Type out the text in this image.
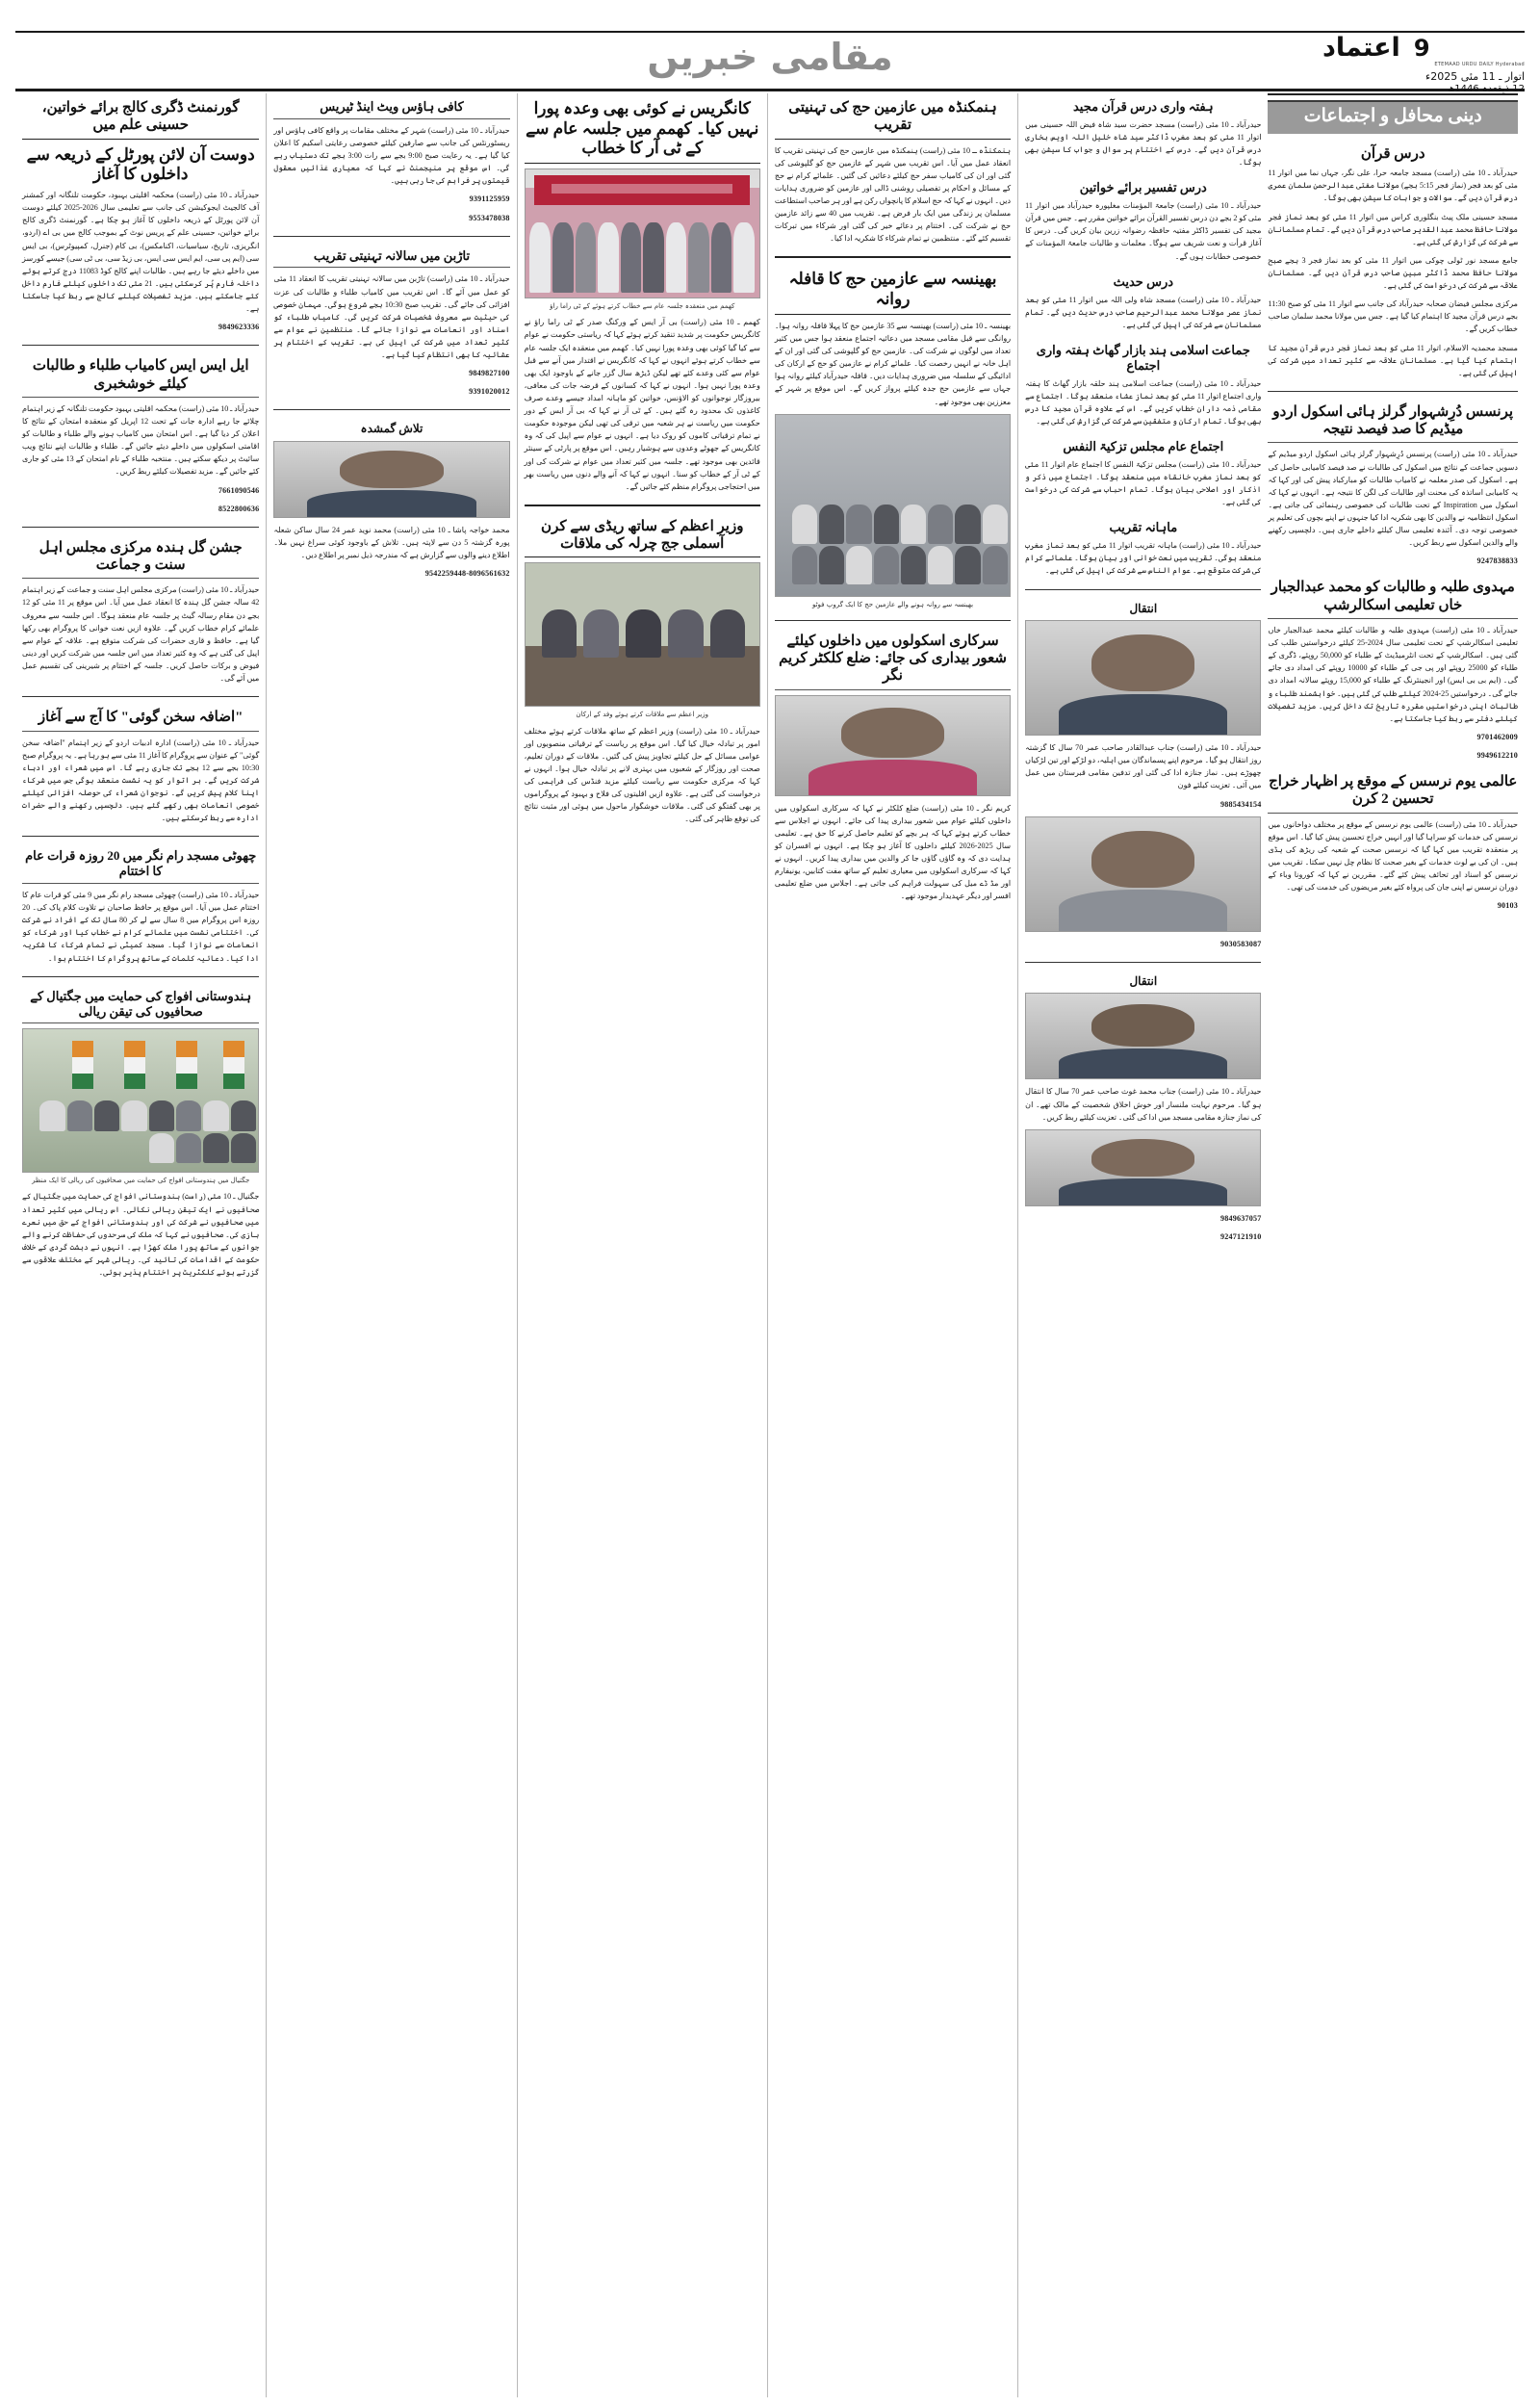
اعتماد 9
ETEMAAD URDU DAILY Hyderabad
اتوار ـ 11 مئی 2025ء
12 ذیقعدہ 1446ھ
مقامی خبریں
دینی محافل و اجتماعات
درس قرآن

حیدرآباد ـ 10 مئی (راست) مسجد جامعہ حرا، علی نگر، جہاں نما میں اتوار 11 مئی کو بعد فجر (نماز فجر 5:15 بجے) مولانا مفتی عبدالرحمن سلمان عمری درس قرآن دیں گے۔ سوالات و جوابات کا سیشن بھی ہوگا۔

مسجد حسینی ملک پیٹ بنگلوری کراس میں اتوار 11 مئی کو بعد نماز فجر مولانا حافظ محمد عبدالقدیر صاحب درس قرآن دیں گے۔ تمام مسلمانان سے شرکت کی گزارش کی گئی ہے۔

جامع مسجد نور ٹولی چوکی میں اتوار 11 مئی کو بعد نماز فجر 3 بجے صبح مولانا حافظ محمد ڈاکٹر مبین صاحب درس قرآن دیں گے۔ مسلمانان علاقہ سے شرکت کی درخواست کی گئی ہے۔

مرکزی مجلس فیضان صحابہ حیدرآباد کی جانب سے اتوار 11 مئی کو صبح 11:30 بجے درس قرآن مجید کا اہتمام کیا گیا ہے۔ جس میں مولانا محمد سلمان صاحب خطاب کریں گے۔

مسجد محمدیہ الاسلام، اتوار 11 مئی کو بعد نماز فجر درس قرآن مجید کا اہتمام کیا گیا ہے۔ مسلمانان علاقہ سے کثیر تعداد میں شرکت کی اپیل کی گئی ہے۔

پرنسس دُرِشہوار گرلز ہائی اسکول اردو میڈیم کا صد فیصد نتیجہ

حیدرآباد ـ 10 مئی (راست) پرنسس دُرِشہوار گرلز ہائی اسکول اردو میڈیم کے دسویں جماعت کے نتائج میں اسکول کی طالبات نے صد فیصد کامیابی حاصل کی ہے۔ اسکول کی صدر معلمہ نے کامیاب طالبات کو مبارکباد پیش کی اور کہا کہ یہ کامیابی اساتذہ کی محنت اور طالبات کی لگن کا نتیجہ ہے۔ انہوں نے کہا کہ اسکول میں Inspiration کے تحت طالبات کی خصوصی رہنمائی کی جاتی ہے۔ اسکول انتظامیہ نے والدین کا بھی شکریہ ادا کیا جنہوں نے اپنے بچوں کی تعلیم پر خصوصی توجہ دی۔ آئندہ تعلیمی سال کیلئے داخلے جاری ہیں۔ دلچسپی رکھنے والے والدین اسکول سے ربط کریں۔

9247838833

مہدوی طلبہ و طالبات کو محمد عبدالجبار خاں تعلیمی اسکالرشپ

حیدرآباد ـ 10 مئی (راست) مہدوی طلبہ و طالبات کیلئے محمد عبدالجبار خاں تعلیمی اسکالرشپ کے تحت تعلیمی سال 2024-25 کیلئے درخواستیں طلب کی گئی ہیں۔ اسکالرشپ کے تحت انٹرمیڈیٹ کے طلباء کو 50,000 روپئے، ڈگری کے طلباء کو 25000 روپئے اور پی جی کے طلباء کو 10000 روپئے کی امداد دی جائے گی۔ (ایم بی بی ایس) اور انجینئرنگ کے طلباء کو 15,000 روپئے سالانہ امداد دی جائے گی۔ درخواستیں 25-2024 کیلئے طلب کی گئی ہیں۔ خواہشمند طلباء و طالبات اپنی درخواستیں مقررہ تاریخ تک داخل کریں۔ مزید تفصیلات کیلئے دفتر سے ربط کیا جاسکتا ہے۔

9701462009

9949612210

عالمی یوم نرسس کے موقع پر اظہار خراج تحسین 2 کرن

حیدرآباد ـ 10 مئی (راست) عالمی یوم نرسس کے موقع پر مختلف دواخانوں میں نرسس کی خدمات کو سراہا گیا اور انہیں خراج تحسین پیش کیا گیا۔ اس موقع پر منعقدہ تقریب میں کہا گیا کہ نرسس صحت کے شعبہ کی ریڑھ کی ہڈی ہیں۔ ان کی بے لوث خدمات کے بغیر صحت کا نظام چل نہیں سکتا۔ تقریب میں نرسس کو اسناد اور تحائف پیش کئے گئے۔ مقررین نے کہا کہ کورونا وباء کے دوران نرسس نے اپنی جان کی پرواہ کئے بغیر مریضوں کی خدمت کی تھی۔

90103

ہفتہ واری درس قرآن مجید

حیدرآباد ـ 10 مئی (راست) مسجد حضرت سید شاہ فیض اللہ حسینی میں اتوار 11 مئی کو بعد مغرب ڈاکٹر سید شاہ خلیل اللہ اویس بخاری درس قرآن دیں گے۔ درس کے اختتام پر سوال و جواب کا سیشن بھی ہوگا۔

درس تفسیر برائے خواتین

حیدرآباد ـ 10 مئی (راست) جامعۃ المؤمنات مغلپورہ حیدرآباد میں اتوار 11 مئی کو 2 بجے دن درس تفسیر القرآن برائے خواتین مقرر ہے۔ جس میں قرآن مجید کی تفسیر ڈاکٹر مفتیہ حافظہ رضوانہ زرین بیان کریں گی۔ درس کا آغاز قرأت و نعت شریف سے ہوگا۔ معلمات و طالبات جامعۃ المؤمنات کے خصوصی خطابات ہوں گے۔

درس حدیث

حیدرآباد ـ 10 مئی (راست) مسجد شاہ ولی اللہ میں اتوار 11 مئی کو بعد نماز عصر مولانا محمد عبدالرحیم صاحب درس حدیث دیں گے۔ تمام مسلمانان سے شرکت کی اپیل کی گئی ہے۔

جماعت اسلامی ہند بازار گھاٹ ہفتہ واری اجتماع

حیدرآباد ـ 10 مئی (راست) جماعت اسلامی ہند حلقہ بازار گھاٹ کا ہفتہ واری اجتماع اتوار 11 مئی کو بعد نماز عشاء منعقد ہوگا۔ اجتماع سے مقامی ذمہ داران خطاب کریں گے۔ اس کے علاوہ قرآن مجید کا درس بھی ہوگا۔ تمام ارکان و متفقین سے شرکت کی گزارش کی گئی ہے۔

اجتماع عام مجلس تزکیۃ النفس

حیدرآباد ـ 10 مئی (راست) مجلس تزکیۃ النفس کا اجتماع عام اتوار 11 مئی کو بعد نماز مغرب خانقاہ میں منعقد ہوگا۔ اجتماع میں ذکر و اذکار اور اصلاحی بیان ہوگا۔ تمام احباب سے شرکت کی درخواست کی گئی ہے۔

ماہانہ تقریب

حیدرآباد ـ 10 مئی (راست) ماہانہ تقریب اتوار 11 مئی کو بعد نماز مغرب منعقد ہوگی۔ تقریب میں نعت خوانی اور بیان ہوگا۔ علمائے کرام کی شرکت متوقع ہے۔ عوام الناس سے شرکت کی اپیل کی گئی ہے۔

انتقال

حیدرآباد ـ 10 مئی (راست) جناب عبدالقادر صاحب عمر 70 سال کا گزشتہ روز انتقال ہو گیا۔ مرحوم اپنے پسماندگان میں اہلیہ، دو لڑکے اور تین لڑکیاں چھوڑے ہیں۔ نماز جنازہ ادا کی گئی اور تدفین مقامی قبرستان میں عمل میں آئی۔ تعزیت کیلئے فون

9885434154

9030583087

انتقال

حیدرآباد ـ 10 مئی (راست) جناب محمد غوث صاحب عمر 70 سال کا انتقال ہو گیا۔ مرحوم نہایت ملنسار اور خوش اخلاق شخصیت کے مالک تھے۔ ان کی نماز جنازہ مقامی مسجد میں ادا کی گئی۔ تعزیت کیلئے ربط کریں۔

9849637057

9247121910

ہنمکنڈہ میں عازمین حج کی تہنیتی تقریب

ہنمکنڈہ ـ 10 مئی (راست) ہنمکنڈہ میں عازمین حج کی تہنیتی تقریب کا انعقاد عمل میں آیا۔ اس تقریب میں شہر کے عازمین حج کو گلپوشی کی گئی اور ان کی کامیاب سفر حج کیلئے دعائیں کی گئیں۔ علمائے کرام نے حج کے مسائل و احکام پر تفصیلی روشنی ڈالی اور عازمین کو ضروری ہدایات دیں۔ انہوں نے کہا کہ حج اسلام کا پانچواں رکن ہے اور ہر صاحب استطاعت مسلمان پر زندگی میں ایک بار فرض ہے۔ تقریب میں 40 سے زائد عازمین حج نے شرکت کی۔ اختتام پر دعائے خیر کی گئی اور شرکاء میں تبرکات تقسیم کئے گئے۔ منتظمین نے تمام شرکاء کا شکریہ ادا کیا۔

بھینسہ سے عازمین حج کا قافلہ روانہ

بھینسہ ـ 10 مئی (راست) بھینسہ سے 35 عازمین حج کا پہلا قافلہ روانہ ہوا۔ روانگی سے قبل مقامی مسجد میں دعائیہ اجتماع منعقد ہوا جس میں کثیر تعداد میں لوگوں نے شرکت کی۔ عازمین حج کو گلپوشی کی گئی اور ان کے اہل خانہ نے انہیں رخصت کیا۔ علمائے کرام نے عازمین کو حج کے ارکان کی ادائیگی کے سلسلہ میں ضروری ہدایات دیں۔ قافلہ حیدرآباد کیلئے روانہ ہوا جہاں سے عازمین حج جدہ کیلئے پرواز کریں گے۔ اس موقع پر شہر کے معززین بھی موجود تھے۔

بھینسہ سے روانہ ہونے والے عازمین حج کا ایک گروپ فوٹو
سرکاری اسکولوں میں داخلوں کیلئے شعور بیداری کی جائے: ضلع کلکٹر کریم نگر

کریم نگر ـ 10 مئی (راست) ضلع کلکٹر نے کہا کہ سرکاری اسکولوں میں داخلوں کیلئے عوام میں شعور بیداری پیدا کی جائے۔ انہوں نے اجلاس سے خطاب کرتے ہوئے کہا کہ ہر بچے کو تعلیم حاصل کرنے کا حق ہے۔ تعلیمی سال 2025-2026 کیلئے داخلوں کا آغاز ہو چکا ہے۔ انہوں نے افسران کو ہدایت دی کہ وہ گاؤں گاؤں جا کر والدین میں بیداری پیدا کریں۔ انہوں نے کہا کہ سرکاری اسکولوں میں معیاری تعلیم کے ساتھ مفت کتابیں، یونیفارم اور مڈ ڈے میل کی سہولت فراہم کی جاتی ہے۔ اجلاس میں ضلع تعلیمی افسر اور دیگر عہدیدار موجود تھے۔

کانگریس نے کوئی بھی وعدہ پورا نہیں کیا۔ کھمم میں جلسہ عام سے کے ٹی آر کا خطاب
کھمم میں منعقدہ جلسہ عام سے خطاب کرتے ہوئے کے ٹی راما راؤ

کھمم ـ 10 مئی (راست) بی آر ایس کے ورکنگ صدر کے ٹی راما راؤ نے کانگریس حکومت پر شدید تنقید کرتے ہوئے کہا کہ ریاستی حکومت نے عوام سے کیا گیا کوئی بھی وعدہ پورا نہیں کیا۔ کھمم میں منعقدہ ایک جلسہ عام سے خطاب کرتے ہوئے انہوں نے کہا کہ کانگریس نے اقتدار میں آنے سے قبل عوام سے کئی وعدے کئے تھے لیکن ڈیڑھ سال گزر جانے کے باوجود ایک بھی وعدہ پورا نہیں ہوا۔ انہوں نے کہا کہ کسانوں کے قرضہ جات کی معافی، بیروزگار نوجوانوں کو الاؤنس، خواتین کو ماہانہ امداد جیسے وعدے صرف کاغذوں تک محدود رہ گئے ہیں۔ کے ٹی آر نے کہا کہ بی آر ایس کے دور حکومت میں ریاست نے ہر شعبہ میں ترقی کی تھی لیکن موجودہ حکومت نے تمام ترقیاتی کاموں کو روک دیا ہے۔ انہوں نے عوام سے اپیل کی کہ وہ کانگریس کے جھوٹے وعدوں سے ہوشیار رہیں۔ اس موقع پر پارٹی کے سینئر قائدین بھی موجود تھے۔ جلسہ میں کثیر تعداد میں عوام نے شرکت کی اور کے ٹی آر کے خطاب کو سنا۔ انہوں نے کہا کہ آنے والے دنوں میں ریاست بھر میں احتجاجی پروگرام منظم کئے جائیں گے۔

وزیر اعظم کے ساتھ ریڈی سے کرن آسملی جج چرلہ کی ملاقات
وزیر اعظم سے ملاقات کرتے ہوئے وفد کے ارکان

حیدرآباد ـ 10 مئی (راست) وزیر اعظم کے ساتھ ملاقات کرتے ہوئے مختلف امور پر تبادلہ خیال کیا گیا۔ اس موقع پر ریاست کے ترقیاتی منصوبوں اور عوامی مسائل کے حل کیلئے تجاویز پیش کی گئیں۔ ملاقات کے دوران تعلیم، صحت اور روزگار کے شعبوں میں بہتری لانے پر تبادلہ خیال ہوا۔ انہوں نے کہا کہ مرکزی حکومت سے ریاست کیلئے مزید فنڈس کی فراہمی کی درخواست کی گئی ہے۔ علاوہ ازیں اقلیتوں کی فلاح و بہبود کے پروگراموں پر بھی گفتگو کی گئی۔ ملاقات خوشگوار ماحول میں ہوئی اور مثبت نتائج کی توقع ظاہر کی گئی۔

کافی ہاؤس ویٹ اینڈ ٹیریس

حیدرآباد ـ 10 مئی (راست) شہر کے مختلف مقامات پر واقع کافی ہاؤس اور ریسٹورنٹس کی جانب سے صارفین کیلئے خصوصی رعایتی اسکیم کا اعلان کیا گیا ہے۔ یہ رعایت صبح 9:00 بجے سے رات 3:00 بجے تک دستیاب رہے گی۔ اس موقع پر منیجمنٹ نے کہا کہ معیاری غذائیں معقول قیمتوں پر فراہم کی جا رہی ہیں۔

9391125959

9553478038

تاڑبن میں سالانہ تہنیتی تقریب

حیدرآباد ـ 10 مئی (راست) تاڑبن میں سالانہ تہنیتی تقریب کا انعقاد 11 مئی کو عمل میں آئے گا۔ اس تقریب میں کامیاب طلباء و طالبات کی عزت افزائی کی جائے گی۔ تقریب صبح 10:30 بجے شروع ہوگی۔ مہمان خصوصی کی حیثیت سے معروف شخصیات شرکت کریں گی۔ کامیاب طلباء کو اسناد اور انعامات سے نوازا جائے گا۔ منتظمین نے عوام سے کثیر تعداد میں شرکت کی اپیل کی ہے۔ تقریب کے اختتام پر عشائیہ کا بھی انتظام کیا گیا ہے۔

9849827100

9391020012

تلاش گمشدہ

محمد خواجہ پاشا ـ 10 مئی (راست) محمد نوید عمر 24 سال ساکن شعلہ پورہ گزشتہ 5 دن سے لاپتہ ہیں۔ تلاش کے باوجود کوئی سراغ نہیں ملا۔ اطلاع دینے والوں سے گزارش ہے کہ مندرجہ ذیل نمبر پر اطلاع دیں۔

9542259448-8096561632

گورنمنٹ ڈگری کالج برائے خواتین، حسینی علم میں
دوست آن لائن پورٹل کے ذریعہ سے داخلوں کا آغاز

حیدرآباد ـ 10 مئی (راست) محکمہ اقلیتی بہبود، حکومت تلنگانہ اور کمشنر آف کالجیٹ ایجوکیشن کی جانب سے تعلیمی سال 2026-2025 کیلئے دوست آن لائن پورٹل کے ذریعہ داخلوں کا آغاز ہو چکا ہے۔ گورنمنٹ ڈگری کالج برائے خواتین، حسینی علم کے پریس نوٹ کے بموجب کالج میں بی اے (اردو، انگریزی، تاریخ، سیاسیات، اکنامکس)، بی کام (جنرل، کمپیوٹرس)، بی ایس سی (ایم پی سی، ایم ایس سی ایس، بی زیڈ سی، بی ٹی سی) جیسے کورسز میں داخلے دیئے جا رہے ہیں۔ طالبات اپنے کالج کوڈ 11083 درج کرتے ہوئے داخلہ فارم پُر کرسکتی ہیں۔ 21 مئی تک داخلوں کیلئے فارم داخل کئے جاسکتے ہیں۔ مزید تفصیلات کیلئے کالج سے ربط کیا جاسکتا ہے۔

9849623336

ایل ایس ایس کامیاب طلباء و طالبات کیلئے خوشخبری

حیدرآباد ـ 10 مئی (راست) محکمہ اقلیتی بہبود حکومت تلنگانہ کے زیر اہتمام چلائے جا رہے ادارہ جات کے تحت 12 اپریل کو منعقدہ امتحان کے نتائج کا اعلان کر دیا گیا ہے۔ اس امتحان میں کامیاب ہونے والے طلباء و طالبات کو اقامتی اسکولوں میں داخلے دیئے جائیں گے۔ طلباء و طالبات اپنے نتائج ویب سائیٹ پر دیکھ سکتے ہیں۔ منتخبہ طلباء کے نام امتحان کے 13 مئی کو جاری کئے جائیں گے۔ مزید تفصیلات کیلئے ربط کریں۔

7661090546

8522800636

جشن گل ہندہ مرکزی مجلس اہل سنت و جماعت

حیدرآباد ـ 10 مئی (راست) مرکزی مجلس اہل سنت و جماعت کے زیر اہتمام 42 سالہ جشن گل ہندہ کا انعقاد عمل میں آیا۔ اس موقع پر 11 مئی کو 12 بجے دن مقام رسالہ گیٹ پر جلسہ عام منعقد ہوگا۔ اس جلسہ سے معروف علمائے کرام خطاب کریں گے۔ علاوہ ازیں نعت خوانی کا پروگرام بھی رکھا گیا ہے۔ حافظ و قاری حضرات کی شرکت متوقع ہے۔ علاقہ کے عوام سے اپیل کی گئی ہے کہ وہ کثیر تعداد میں اس جلسہ میں شرکت کریں اور دینی فیوض و برکات حاصل کریں۔ جلسہ کے اختتام پر شیرینی کی تقسیم عمل میں آئے گی۔

"اضافہ سخن گوئی" کا آج سے آغاز

حیدرآباد ـ 10 مئی (راست) ادارہ ادبیات اردو کے زیر اہتمام "اضافہ سخن گوئی" کے عنوان سے پروگرام کا آغاز 11 مئی سے ہو رہا ہے۔ یہ پروگرام صبح 10:30 بجے سے 12 بجے تک جاری رہے گا۔ اس میں شعراء اور ادباء شرکت کریں گے۔ ہر اتوار کو یہ نشست منعقد ہوگی جس میں شرکاء اپنا کلام پیش کریں گے۔ نوجوان شعراء کی حوصلہ افزائی کیلئے خصوصی انعامات بھی رکھے گئے ہیں۔ دلچسپی رکھنے والے حضرات ادارہ سے ربط کرسکتے ہیں۔

چھوٹی مسجد رام نگر میں 20 روزہ قرات عام کا اختتام

حیدرآباد ـ 10 مئی (راست) چھوٹی مسجد رام نگر میں 9 مئی کو قرات عام کا اختتام عمل میں آیا۔ اس موقع پر حافظ صاحبان نے تلاوت کلام پاک کی۔ 20 روزہ اس پروگرام میں 8 سال سے لے کر 80 سال تک کے افراد نے شرکت کی۔ اختتامی نشست میں علمائے کرام نے خطاب کیا اور شرکاء کو انعامات سے نوازا گیا۔ مسجد کمیٹی نے تمام شرکاء کا شکریہ ادا کیا۔ دعائیہ کلمات کے ساتھ پروگرام کا اختتام ہوا۔

ہندوستانی افواج کی حمایت میں جگتیال کے صحافیوں کی تیقن ریالی
جگتیال میں ہندوستانی افواج کی حمایت میں صحافیوں کی ریالی کا ایک منظر

جگتیال ـ 10 مئی (راست) ہندوستانی افواج کی حمایت میں جگتیال کے صحافیوں نے ایک تیقن ریالی نکالی۔ اس ریالی میں کثیر تعداد میں صحافیوں نے شرکت کی اور ہندوستانی افواج کے حق میں نعرے بازی کی۔ صحافیوں نے کہا کہ ملک کی سرحدوں کی حفاظت کرنے والے جوانوں کے ساتھ پورا ملک کھڑا ہے۔ انہوں نے دہشت گردی کے خلاف حکومت کے اقدامات کی تائید کی۔ ریالی شہر کے مختلف علاقوں سے گزرتے ہوئے کلکٹریٹ پر اختتام پذیر ہوئی۔
